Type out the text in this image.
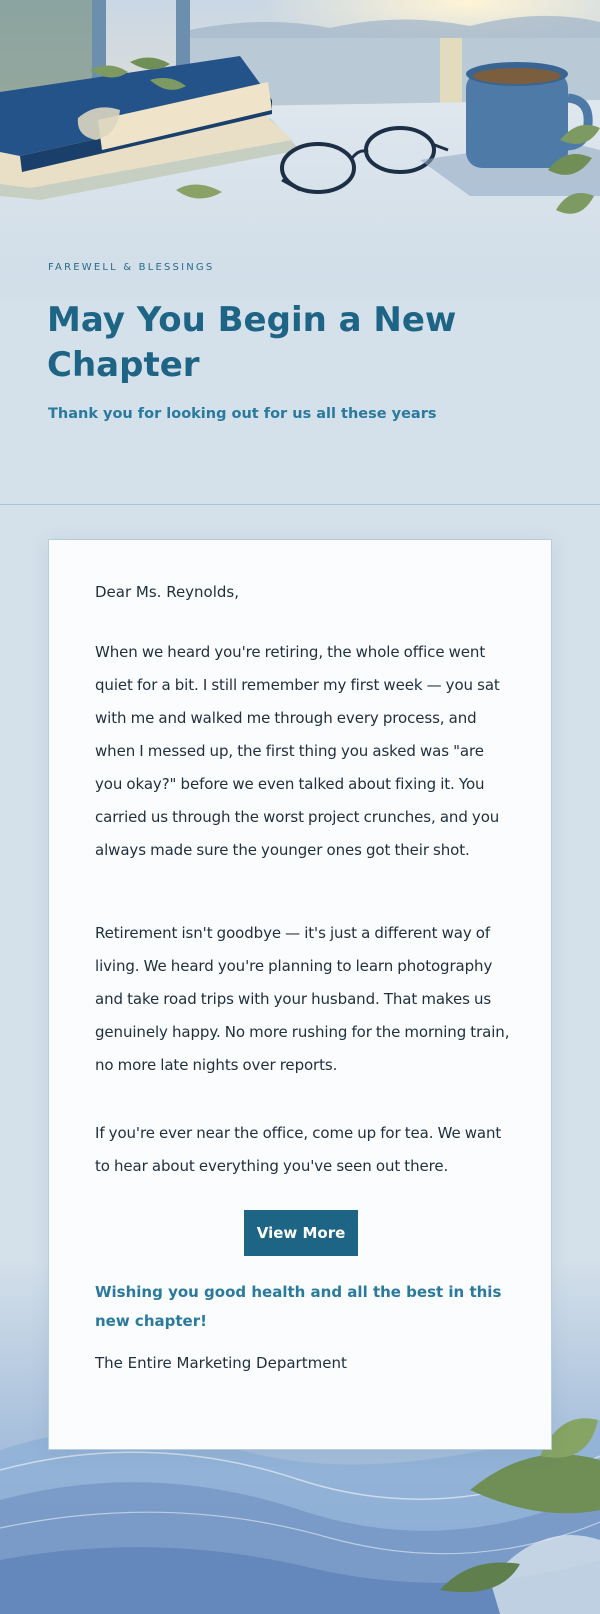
FAREWELL & BLESSINGS

May You Begin a New Chapter

Thank you for looking out for us all these years

Dear Ms. Reynolds,

When we heard you're retiring, the whole office went quiet for a bit. I still remember my first week — you sat with me and walked me through every process, and when I messed up, the first thing you asked was "are you okay?" before we even talked about fixing it. You carried us through the worst project crunches, and you always made sure the younger ones got their shot.

Retirement isn't goodbye — it's just a different way of living. We heard you're planning to learn photography and take road trips with your husband. That makes us genuinely happy. No more rushing for the morning train, no more late nights over reports.

If you're ever near the office, come up for tea. We want to hear about everything you've seen out there.

View More

Wishing you good health and all the best in this new chapter!

The Entire Marketing Department
